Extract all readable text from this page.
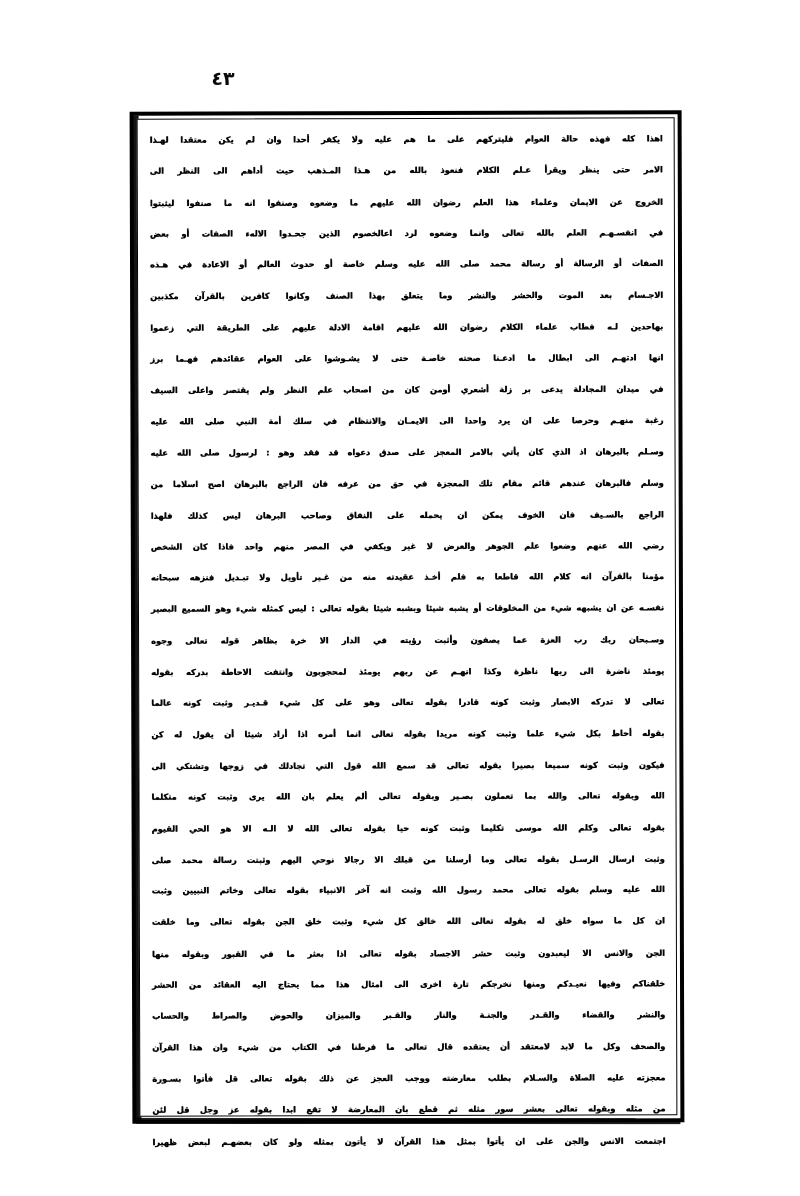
٤٣
اهذا كله فهذه حالة العوام فليتركهم على ما هم عليه ولا يكفر أحدا وان لم يكن معتقدا لهـذا
الامر حتى ينظر ويقرأ عـلم الكلام فنعوذ بالله من هـذا المـذهب حيث أداهم الى النظر الى
الخروج عن الايمان وعلماء هذا العلم رضوان الله عليهم ما وضعوه وصنفوا انه ما صنفوا ليثبتوا
في انفسـهـم العلم بالله تعالى وانما وضعوه لرد اعالخصوم الذين جحـدوا الالهء الصفات أو بعض
الصفات أو الرسالة أو رسالة محمد صلى الله عليه وسلم خاصة أو حدوث العالم أو الاعادة في هـذه
الاجـسام بعد الموت والحشر والنشر وما يتعلق بهذا الصنف وكانوا كافرين بالقرآن مكذبين
بهاحدين لـه فطاب علماء الكلام رضوان الله عليهم اقامة الادلة عليهم على الطريقة التي زعموا
انها ادتهـم الى ابطال ما ادعـنا صحته خاصـة حتى لا يشـوشوا على العوام عقائدهم فهـما برز
في ميدان المجادلة يدعى بر زلة أشعري أومن كان من اصحاب علم النظر ولم يقتصر واعلى السيف
رغبة منهـم وحرصا على ان يرد واحدا الى الايمـان والانتظام في سلك أمة النبي صلى الله عليه
وسـلم بالبرهان اذ الذي كان يأتي بالامر المعجز على صدق دعواه قد فقد وهو : لرسول صلى الله عليه
وسلم فالبرهان عندهم قائم مقام تلك المعجزة في حق من عرفه فان الراجع بالبرهان اصح اسلاما من
الراجع بالسـيف فان الخوف يمكن ان يحمله على النفاق وصاحب البرهان ليس كذلك فلهذا
رضي الله عنهم وضعوا علم الجوهر والعرض لا غير ويكفي في المصر منهم واحد فاذا كان الشخص
مؤمنا بالقرآن انه كلام الله قاطعا به فلم أخـذ عقيدته منه من غـير تأويل ولا تبـديل فنزهه سبحانه
نفسـه عن ان يشبهه شيء من المخلوقات أو يشبه شيئا وبشبه شيئا بقوله تعالى : ليس كمثله شيء وهو السميع البصير
وسـبحان ربك رب العزة عما يصفون وأثبت رؤيته في الدار الا خرة بظاهر قوله تعالى وجوه
يومئذ ناضرة الى ربها ناظرة وكذا انهـم عن ربهم يومئذ لمحجوبون وانتفت الاحاطة بدركه بقوله
تعالى لا تدركه الابصار وثبت كونه قادرا بقوله تعالى وهو على كل شيء قـديـر وثبت كونه عالما
بقوله أحاط بكل شيء علما وثبت كونه مريدا بقوله تعالى انما أمره اذا أراد شيئا أن يقول له كن
فيكون وثبت كونه سميعا بصيرا بقوله تعالى قد سمع الله قول التي تجادلك في زوجها وتشتكي الى
الله وبقوله تعالى والله بما تعملون بصـير وبقوله تعالى ألم يعلم بان الله يرى وثبت كونه متكلما
بقوله تعالى وكلم الله موسى تكليما وثبت كونه حيا بقوله تعالى الله لا الـه الا هو الحي القيوم
وثبت ارسال الرسـل بقوله تعالى وما أرسلنا من قبلك الا رجالا نوحي اليهم وثبتت رسالة محمد صلى
الله عليه وسلم بقوله تعالى محمد رسول الله وثبت انه آخر الانبياء بقوله تعالى وخاتم النبيين وثبت
ان كل ما سواه خلق له بقوله تعالى الله خالق كل شيء وثبت خلق الجن بقوله تعالى وما خلقت
الجن والانس الا ليعبدون وثبت حشر الاجساد بقوله تعالى اذا بعثر ما في القبور وبقوله منها
خلقناكم وفيها نعيـدكم ومنها نخرجكم تارة اخرى الى امثال هذا مما يحتاج اليه العقائد من الحشر
والنشر والقضاء والقـدر والجنـة والنار والقـبر والميزان والحوض والصراط والحساب
والصحف وكل ما لابد لامعتقد أن يعتقده قال تعالى ما فرطنا في الكتاب من شيء وان هذا القرآن
معجزته عليه الصلاة والسـلام بطلب معارضته ووجب العجز عن ذلك بقوله تعالى قل فأتوا بسـورة
من مثله وبقوله تعالى بعشر سور مثله ثم قطع بان المعارضة لا تقع ابدا بقوله عز وجل قل لئن
اجتمعت الانس والجن على ان يأتوا بمثل هذا القرآن لا يأتون بمثله ولو كان بعضهـم لبعض ظهيرا
